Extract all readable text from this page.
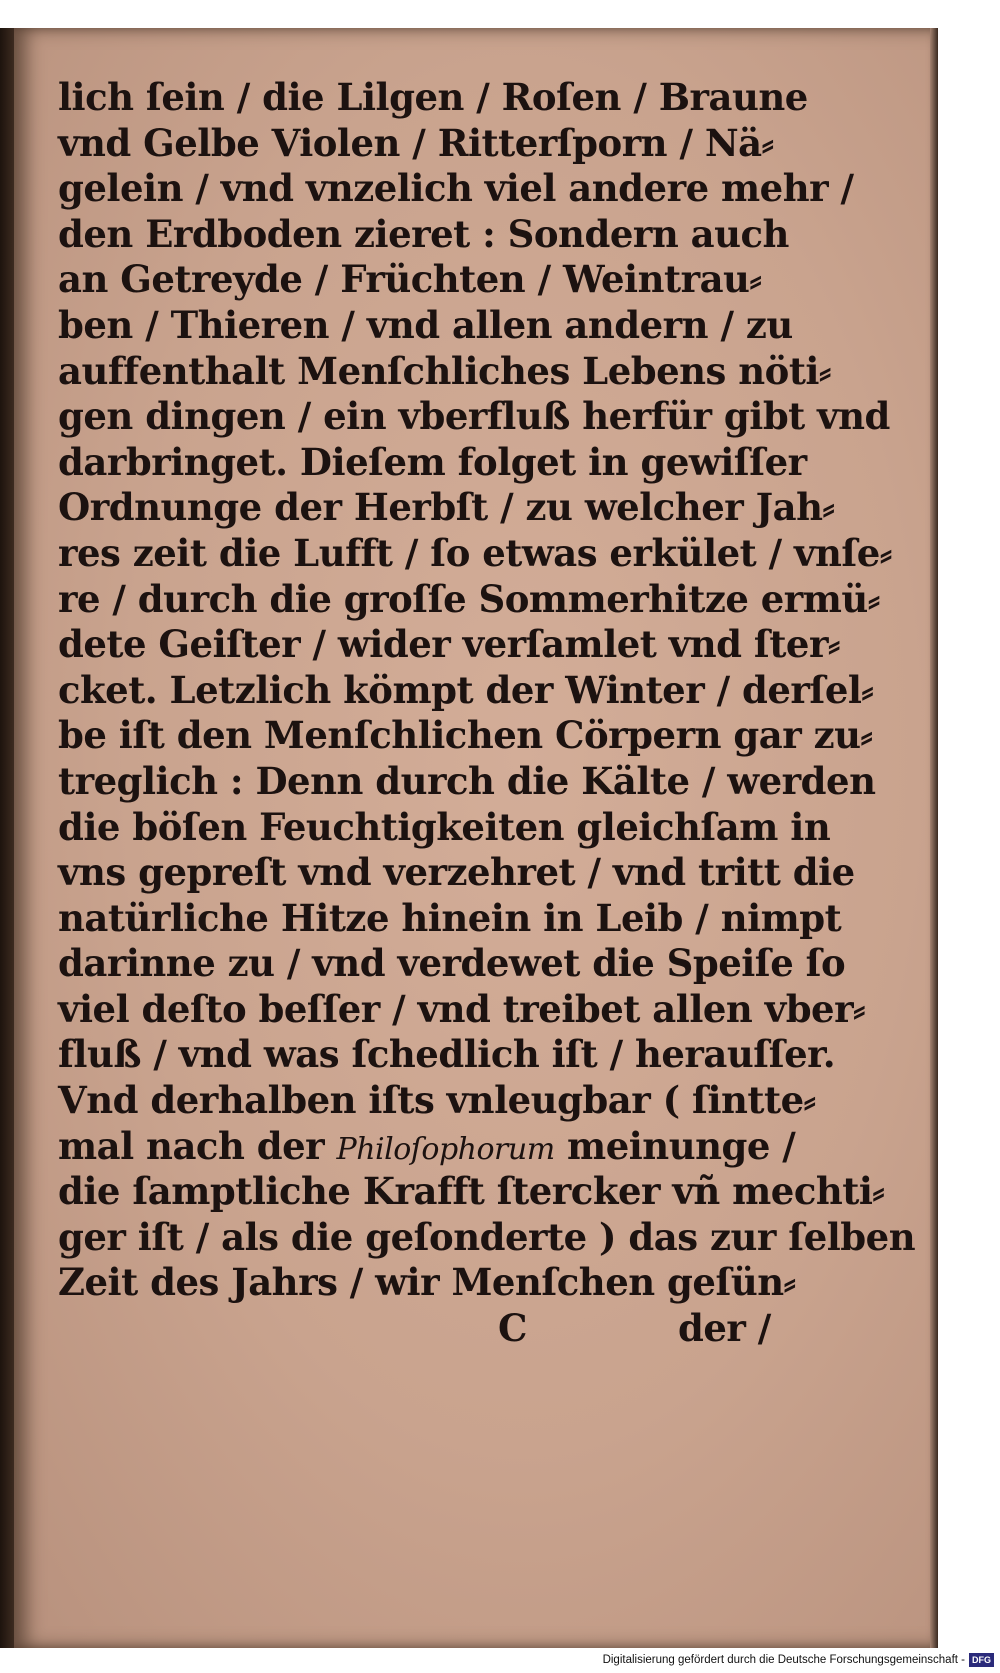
lich ſein / die Lilgen / Roſen / Braune
vnd Gelbe Violen / Ritterſporn / Nä⸗
gelein / vnd vnzelich viel andere mehr /
den Erdboden zieret : Sondern auch
an Getreyde / Früchten / Weintrau⸗
ben / Thieren / vnd allen andern / zu
auffenthalt Menſchliches Lebens nöti⸗
gen dingen / ein vberfluß herfür gibt vnd
darbringet. Dieſem folget in gewiſſer
Ordnunge der Herbſt / zu welcher Jah⸗
res zeit die Lufft / ſo etwas erkület / vnſe⸗
re / durch die groſſe Sommerhitze ermü⸗
dete Geiſter / wider verſamlet vnd ſter⸗
cket. Letzlich kömpt der Winter / derſel⸗
be iſt den Menſchlichen Cörpern gar zu⸗
treglich : Denn durch die Kälte / werden
die böſen Feuchtigkeiten gleichſam in
vns gepreſt vnd verzehret / vnd tritt die
natürliche Hitze hinein in Leib / nimpt
darinne zu / vnd verdewet die Speiſe ſo
viel deſto beſſer / vnd treibet allen vber⸗
fluß / vnd was ſchedlich iſt / herauſſer.
Vnd derhalben iſts vnleugbar ( ſintte⸗
mal nach der Philoſophorum meinunge /
die ſamptliche Krafft ſtercker vñ mechti⸗
ger iſt / als die geſonderte ) das zur ſelben
Zeit des Jahrs / wir Menſchen geſün⸗
C	der /
Digitalisierung gefördert durch die Deutsche Forschungsgemeinschaft - DFG
